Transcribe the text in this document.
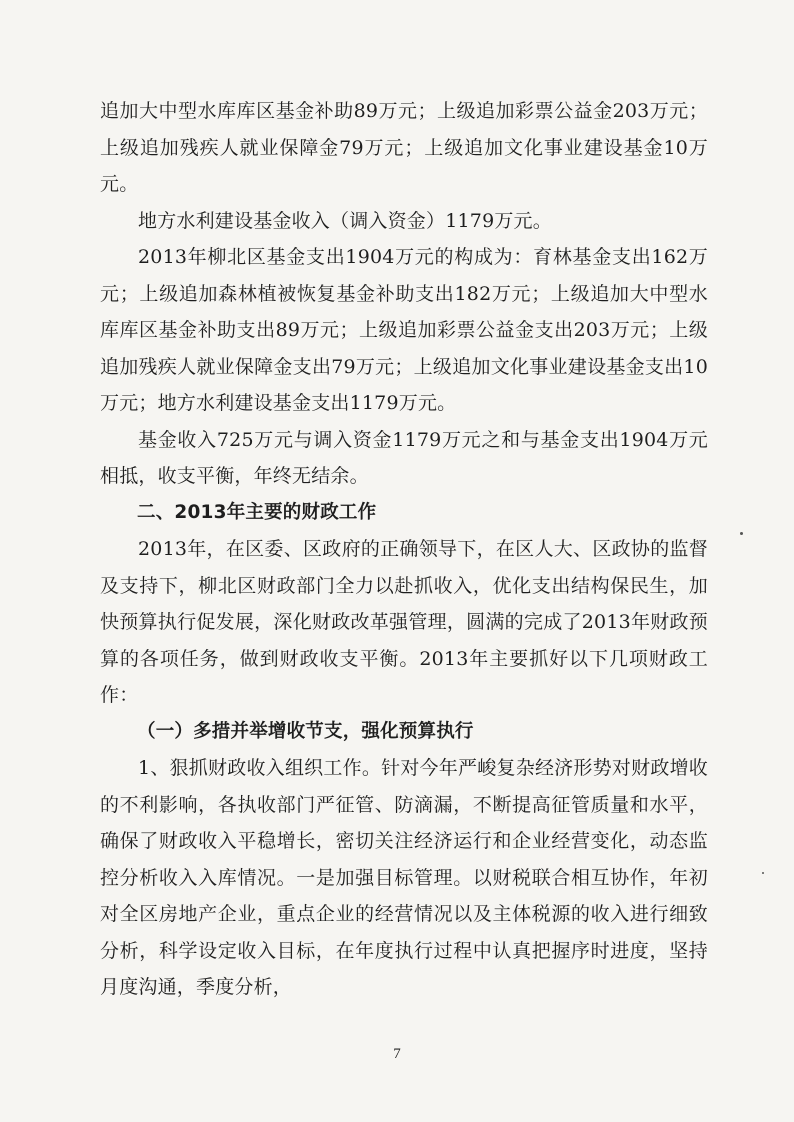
追加大中型水库库区基金补助89万元；上级追加彩票公益金203万元；上级追加残疾人就业保障金79万元；上级追加文化事业建设基金10万元。

地方水利建设基金收入（调入资金）1179万元。

2013年柳北区基金支出1904万元的构成为：育林基金支出162万元；上级追加森林植被恢复基金补助支出182万元；上级追加大中型水库库区基金补助支出89万元；上级追加彩票公益金支出203万元；上级追加残疾人就业保障金支出79万元；上级追加文化事业建设基金支出10万元；地方水利建设基金支出1179万元。

基金收入725万元与调入资金1179万元之和与基金支出1904万元相抵，收支平衡，年终无结余。

二、2013年主要的财政工作

2013年，在区委、区政府的正确领导下，在区人大、区政协的监督及支持下，柳北区财政部门全力以赴抓收入，优化支出结构保民生，加快预算执行促发展，深化财政改革强管理，圆满的完成了2013年财政预算的各项任务，做到财政收支平衡。2013年主要抓好以下几项财政工作：

（一）多措并举增收节支，强化预算执行

1、狠抓财政收入组织工作。针对今年严峻复杂经济形势对财政增收的不利影响，各执收部门严征管、防滴漏，不断提高征管质量和水平，确保了财政收入平稳增长，密切关注经济运行和企业经营变化，动态监控分析收入入库情况。一是加强目标管理。以财税联合相互协作，年初对全区房地产企业，重点企业的经营情况以及主体税源的收入进行细致分析，科学设定收入目标，在年度执行过程中认真把握序时进度，坚持月度沟通，季度分析，

7
